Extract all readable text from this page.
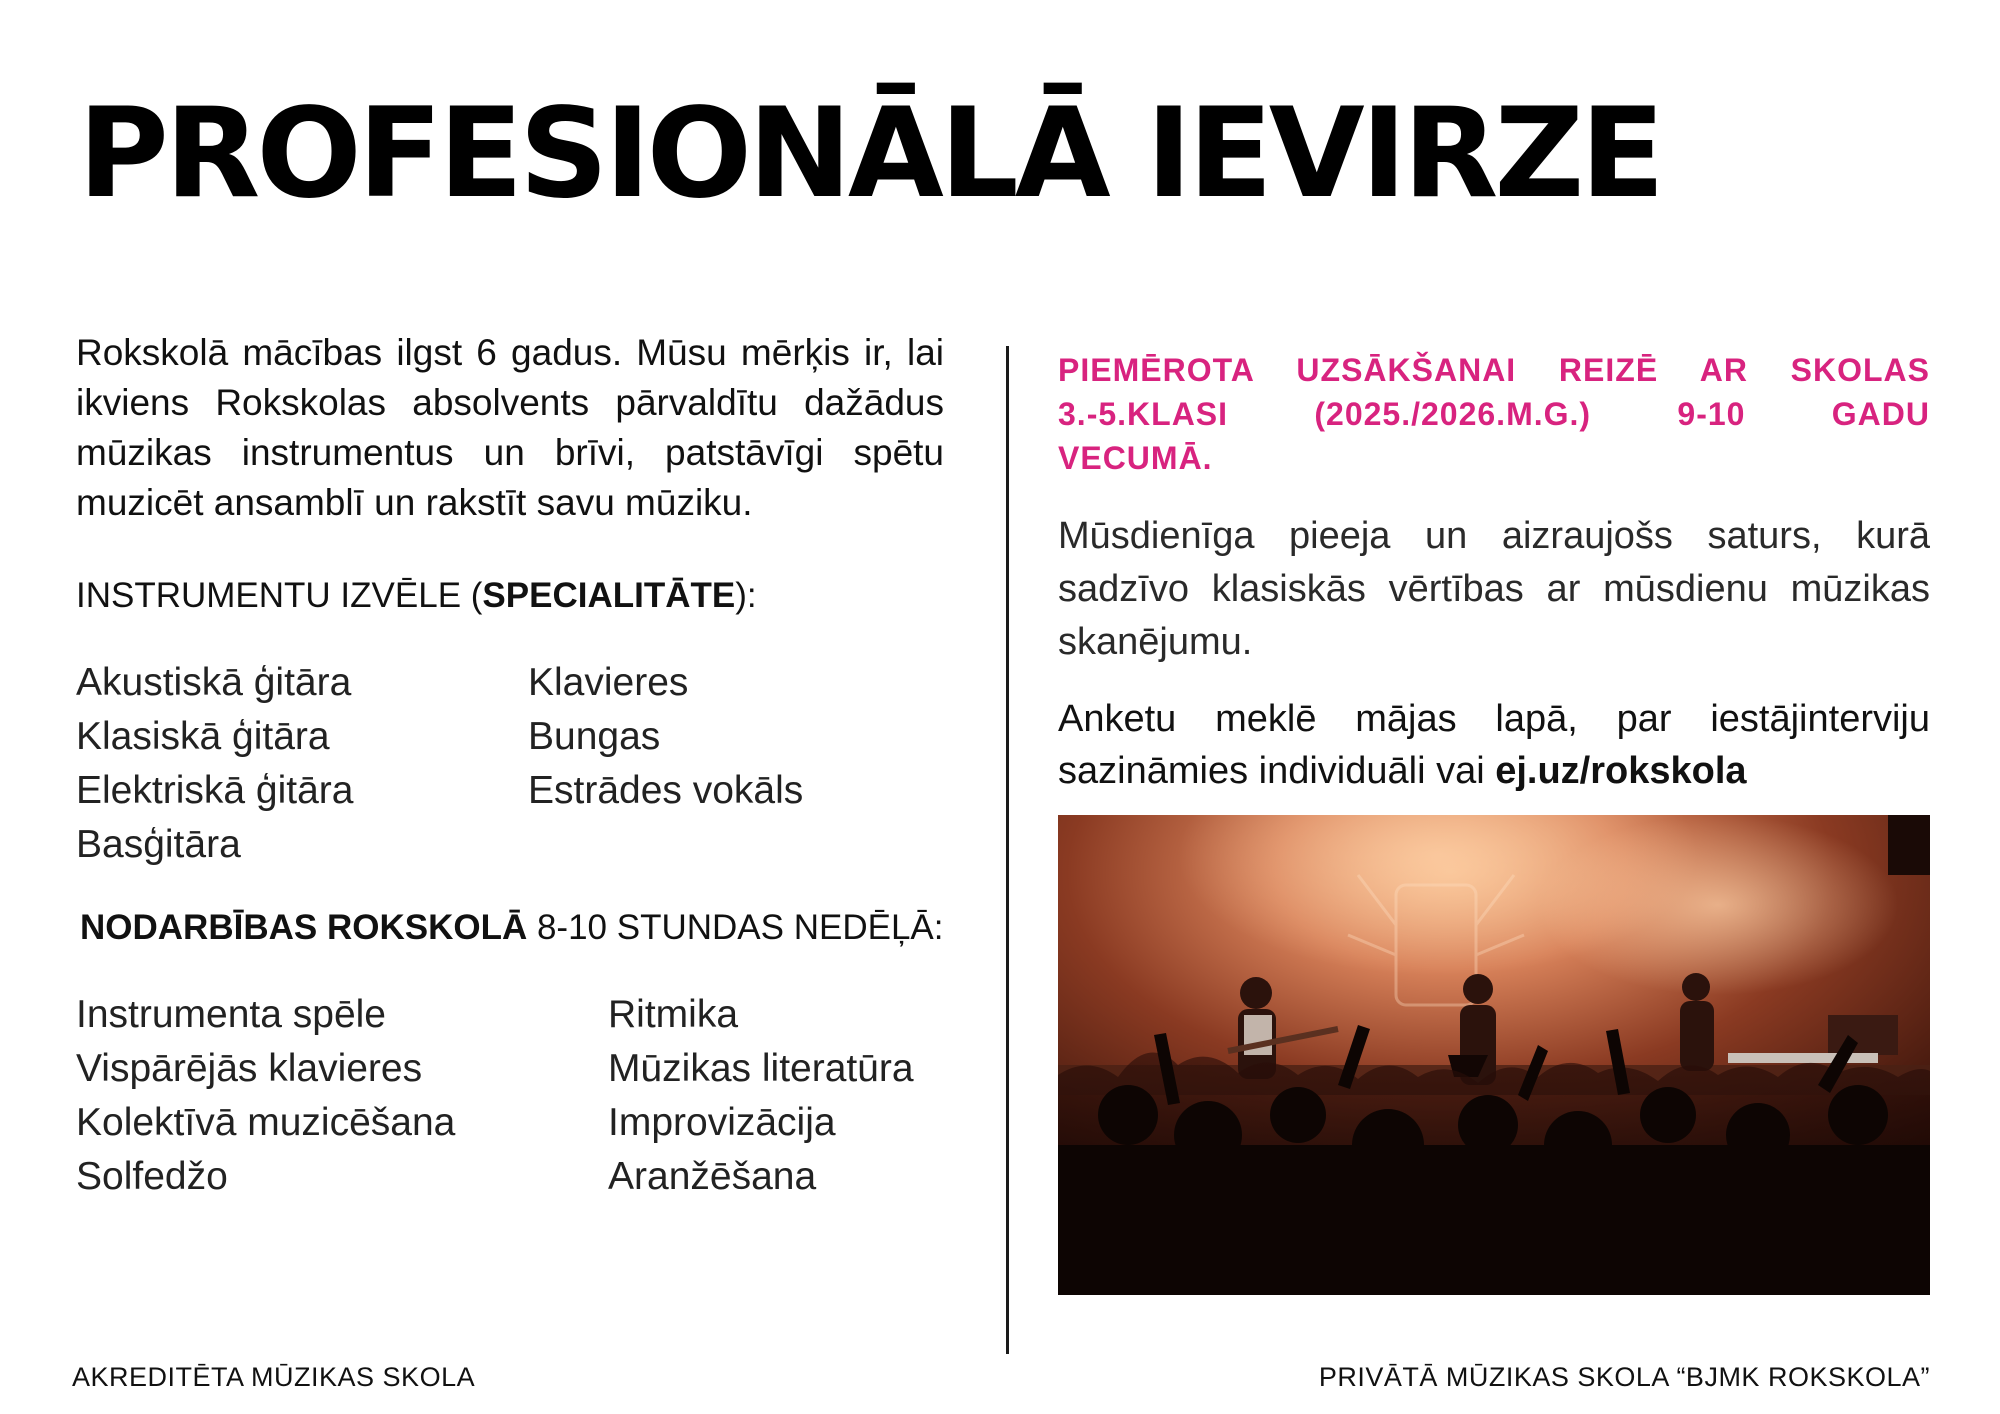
PROFESIONĀLĀ IEVIRZE

Rokskolā mācības ilgst 6 gadus. Mūsu mērķis ir, lai ikviens Rokskolas absolvents pārvaldītu dažādus mūzikas instrumentus un brīvi, patstāvīgi spētu muzicēt ansamblī un rakstīt savu mūziku.

INSTRUMENTU IZVĒLE (SPECIALITĀTE):
Akustiskā ģitāra
Klasiskā ģitāra
Elektriskā ģitāra
Basģitāra
Klavieres
Bungas
Estrādes vokāls
NODARBĪBAS ROKSKOLĀ 8-10 STUNDAS NEDĒĻĀ:
Instrumenta spēle
Vispārējās klavieres
Kolektīvā muzicēšana
Solfedžo
Ritmika
Mūzikas literatūra
Improvizācija
Aranžēšana

PIEMĒROTA UZSĀKŠANAI REIZĒ AR SKOLAS 3.-5.KLASI (2025./2026.M.G.) 9-10 GADU
VECUMĀ.

Mūsdienīga pieeja un aizraujošs saturs, kurā sadzīvo klasiskās vērtības ar mūsdienu mūzikas skanējumu.

Anketu meklē mājas lapā, par iestājinterviju sazināmies individuāli vai ej.uz/rokskola

AKREDITĒTA MŪZIKAS SKOLA	PRIVĀTĀ MŪZIKAS SKOLA “BJMK ROKSKOLA”
